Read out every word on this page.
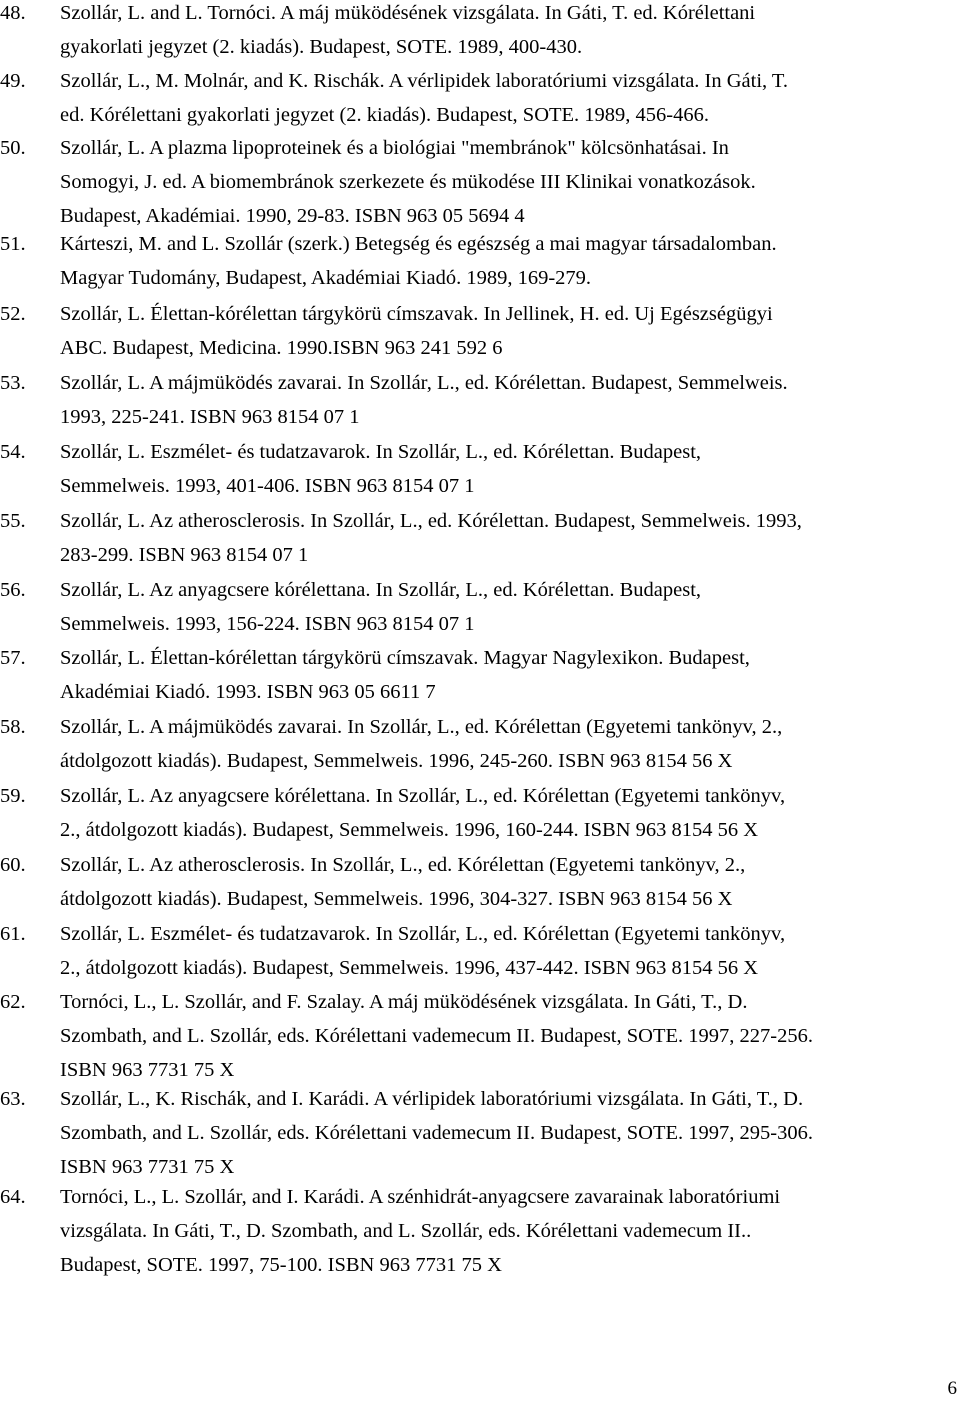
48.	Szollár, L. and L. Tornóci. A máj müködésének vizsgálata. In Gáti, T. ed. Kórélettani
gyakorlati jegyzet (2. kiadás). Budapest, SOTE. 1989, 400-430.
49.	Szollár, L., M. Molnár, and K. Rischák. A vérlipidek laboratóriumi vizsgálata. In Gáti, T.
ed. Kórélettani gyakorlati jegyzet (2. kiadás). Budapest, SOTE. 1989, 456-466.
50.	Szollár, L. A plazma lipoproteinek és a biológiai "membránok" kölcsönhatásai. In
Somogyi, J. ed. A biomembránok szerkezete és mükodése III Klinikai vonatkozások.
Budapest, Akadémiai. 1990, 29-83. ISBN 963 05 5694 4
51.	Kárteszi, M. and L. Szollár (szerk.) Betegség és egészség a mai magyar társadalomban.
Magyar Tudomány, Budapest, Akadémiai Kiadó. 1989, 169-279.
52.	Szollár, L. Élettan-kórélettan tárgykörü címszavak. In Jellinek, H. ed. Uj Egészségügyi
ABC. Budapest, Medicina. 1990.ISBN 963 241 592 6
53.	Szollár, L. A májmüködés zavarai. In Szollár, L., ed. Kórélettan. Budapest, Semmelweis.
1993, 225-241. ISBN 963 8154 07 1
54.	Szollár, L. Eszmélet- és tudatzavarok. In Szollár, L., ed. Kórélettan. Budapest,
Semmelweis. 1993, 401-406. ISBN 963 8154 07 1
55.	Szollár, L. Az atherosclerosis. In Szollár, L., ed. Kórélettan. Budapest, Semmelweis. 1993,
283-299. ISBN 963 8154 07 1
56.	Szollár, L. Az anyagcsere kórélettana. In Szollár, L., ed. Kórélettan. Budapest,
Semmelweis. 1993, 156-224. ISBN 963 8154 07 1
57.	Szollár, L. Élettan-kórélettan tárgykörü címszavak. Magyar Nagylexikon. Budapest,
Akadémiai Kiadó. 1993. ISBN 963 05 6611 7
58.	Szollár, L. A májmüködés zavarai. In Szollár, L., ed. Kórélettan (Egyetemi tankönyv, 2.,
átdolgozott kiadás). Budapest, Semmelweis. 1996, 245-260. ISBN 963 8154 56 X
59.	Szollár, L. Az anyagcsere kórélettana. In Szollár, L., ed. Kórélettan (Egyetemi tankönyv,
2., átdolgozott kiadás). Budapest, Semmelweis. 1996, 160-244. ISBN 963 8154 56 X
60.	Szollár, L. Az atherosclerosis. In Szollár, L., ed. Kórélettan (Egyetemi tankönyv, 2.,
átdolgozott kiadás). Budapest, Semmelweis. 1996, 304-327. ISBN 963 8154 56 X
61.	Szollár, L. Eszmélet- és tudatzavarok. In Szollár, L., ed. Kórélettan (Egyetemi tankönyv,
2., átdolgozott kiadás). Budapest, Semmelweis. 1996, 437-442. ISBN 963 8154 56 X
62.	Tornóci, L., L. Szollár, and F. Szalay. A máj müködésének vizsgálata. In Gáti, T., D.
Szombath, and L. Szollár, eds. Kórélettani vademecum II. Budapest, SOTE. 1997, 227-256.
ISBN 963 7731 75 X
63.	Szollár, L., K. Rischák, and I. Karádi. A vérlipidek laboratóriumi vizsgálata. In Gáti, T., D.
Szombath, and L. Szollár, eds. Kórélettani vademecum II. Budapest, SOTE. 1997, 295-306.
ISBN 963 7731 75 X
64.	Tornóci, L., L. Szollár, and I. Karádi. A szénhidrát-anyagcsere zavarainak laboratóriumi
vizsgálata. In Gáti, T., D. Szombath, and L. Szollár, eds. Kórélettani vademecum II..
Budapest, SOTE. 1997, 75-100. ISBN 963 7731 75 X
6
